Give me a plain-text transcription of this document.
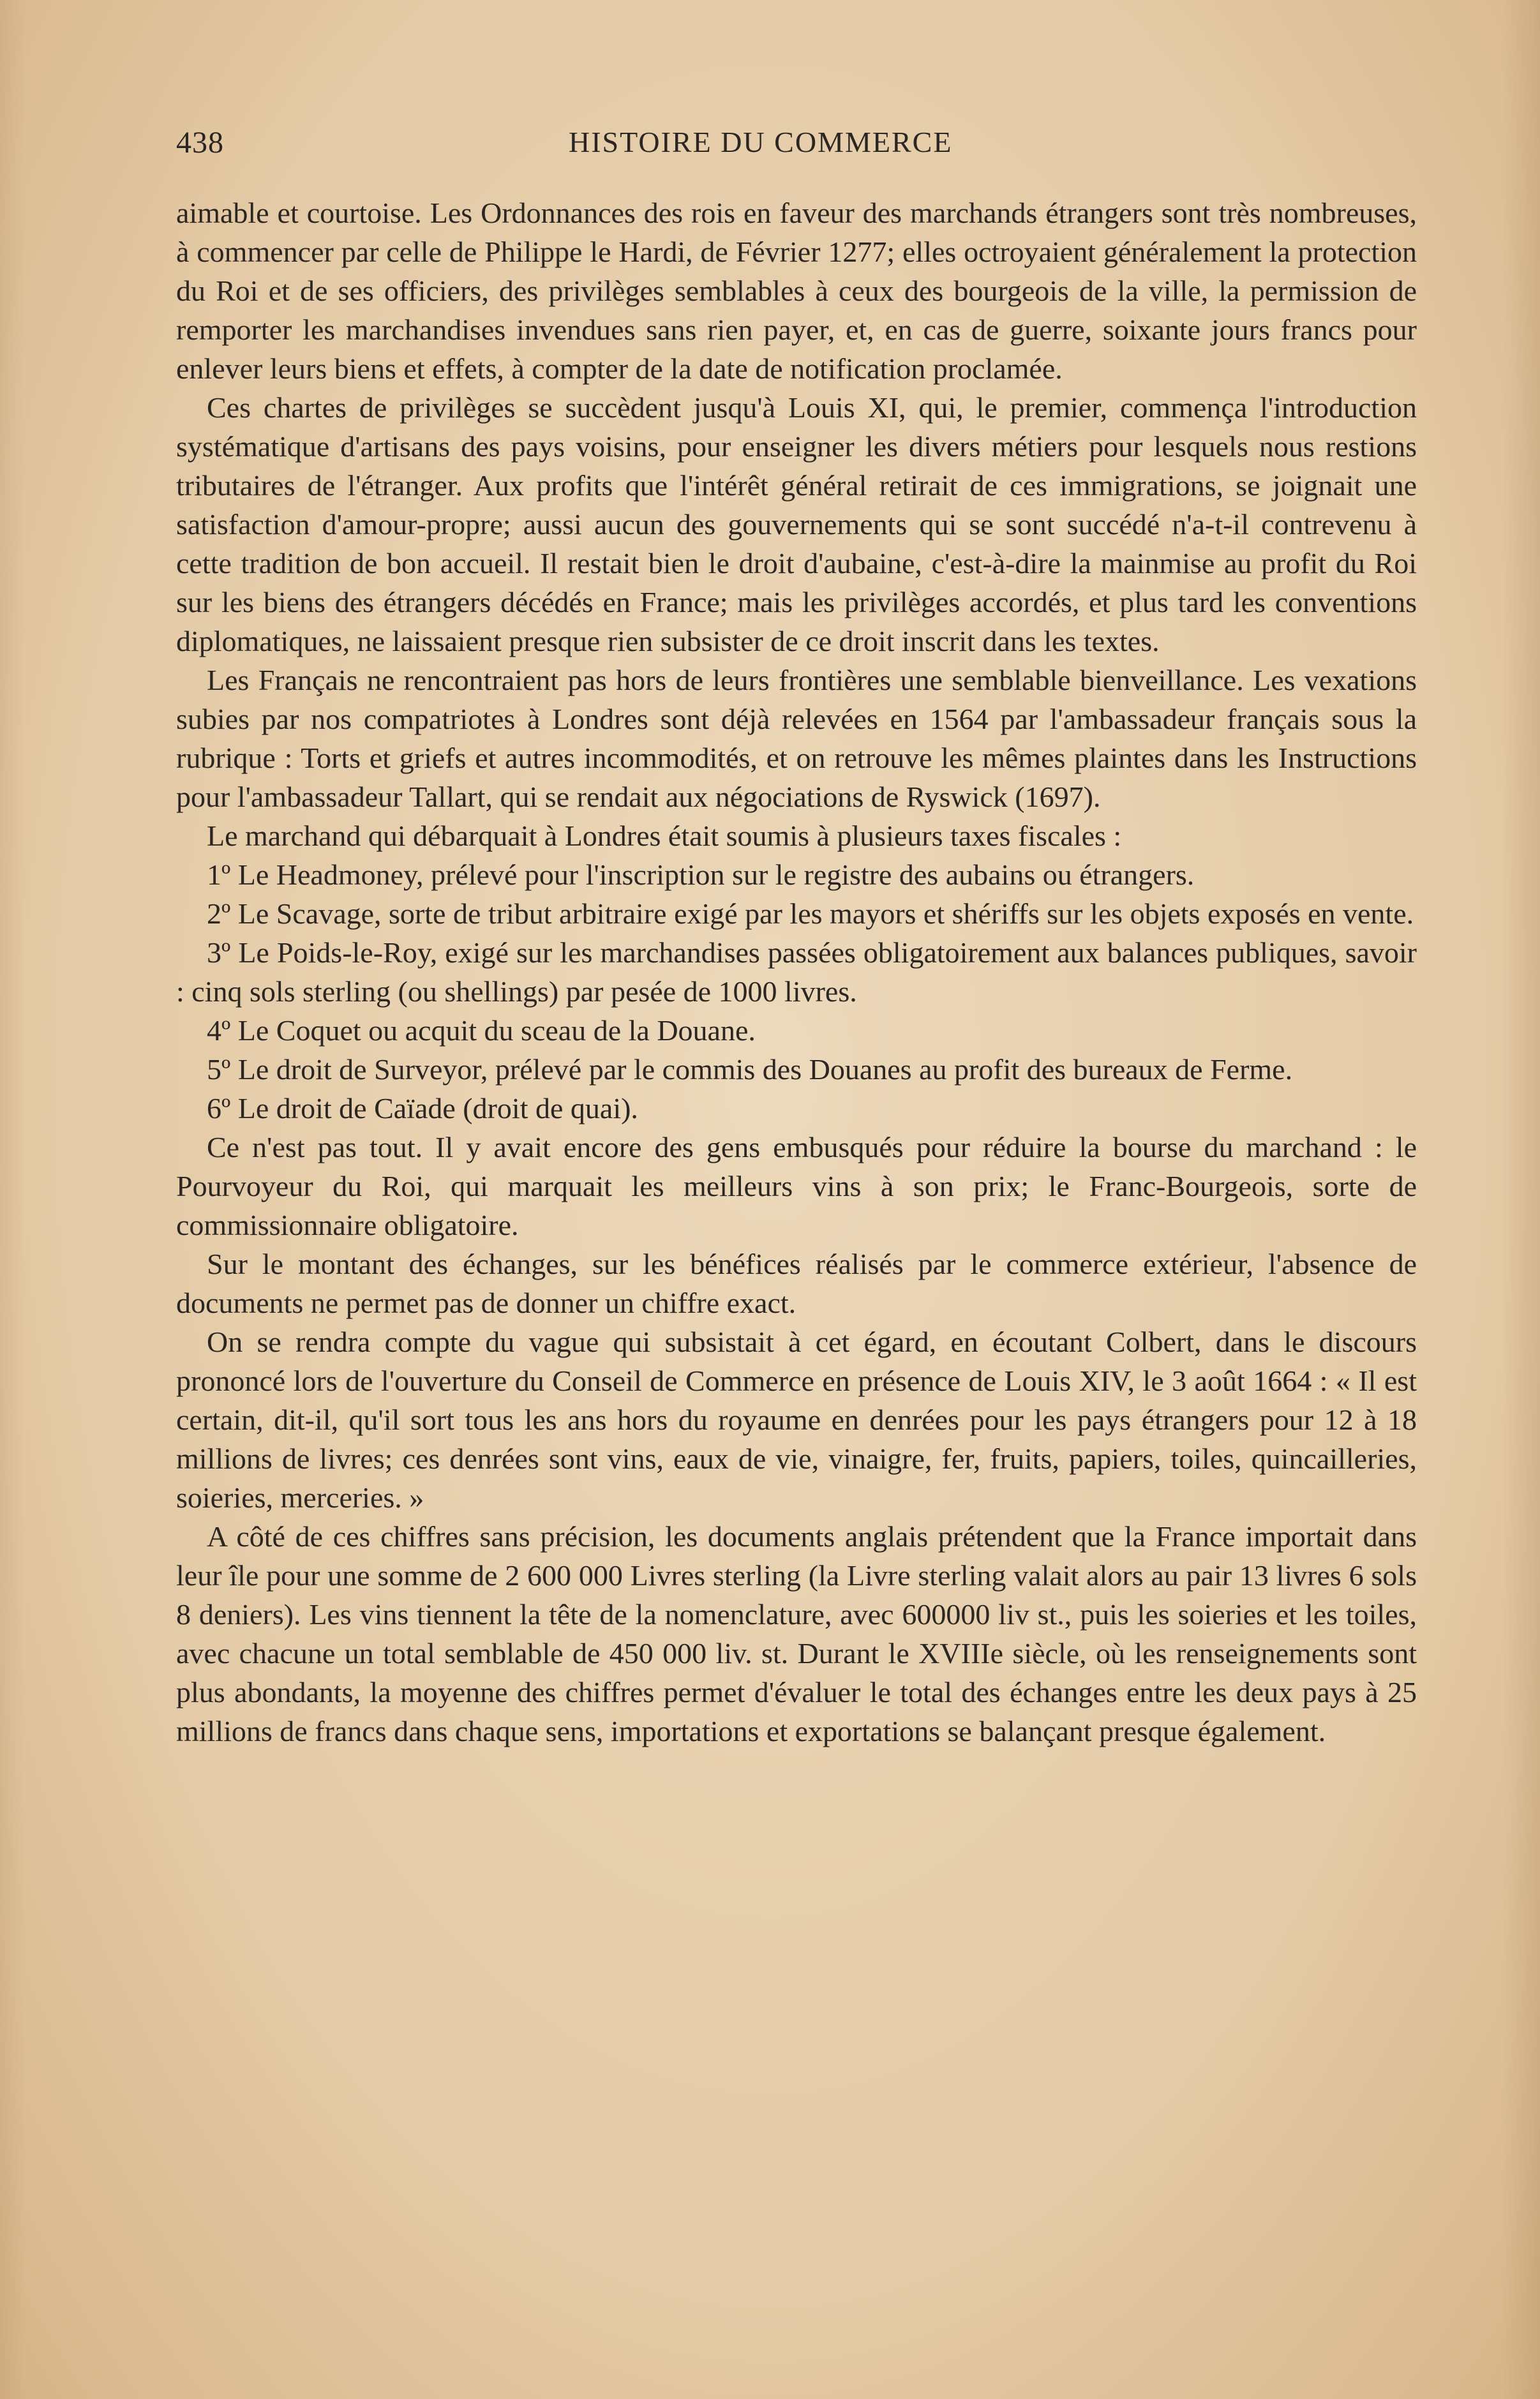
438	HISTOIRE DU COMMERCE

aimable et courtoise. Les Ordonnances des rois en faveur des marchands étrangers sont très nombreuses, à commencer par celle de Philippe le Hardi, de Février 1277; elles octroyaient généralement la protection du Roi et de ses officiers, des privilèges semblables à ceux des bourgeois de la ville, la permission de remporter les marchandises invendues sans rien payer, et, en cas de guerre, soixante jours francs pour enlever leurs biens et effets, à compter de la date de notification proclamée.

Ces chartes de privilèges se succèdent jusqu'à Louis XI, qui, le premier, commença l'introduction systématique d'artisans des pays voisins, pour enseigner les divers métiers pour lesquels nous restions tributaires de l'étranger. Aux profits que l'intérêt général retirait de ces immigrations, se joignait une satisfaction d'amour-propre; aussi aucun des gouvernements qui se sont succédé n'a-t-il contrevenu à cette tradition de bon accueil. Il restait bien le droit d'aubaine, c'est-à-dire la mainmise au profit du Roi sur les biens des étrangers décédés en France; mais les privilèges accordés, et plus tard les conventions diplomatiques, ne laissaient presque rien subsister de ce droit inscrit dans les textes.

Les Français ne rencontraient pas hors de leurs frontières une semblable bienveillance. Les vexations subies par nos compatriotes à Londres sont déjà relevées en 1564 par l'ambassadeur français sous la rubrique : Torts et griefs et autres incommodités, et on retrouve les mêmes plaintes dans les Instructions pour l'ambassadeur Tallart, qui se rendait aux négociations de Ryswick (1697).

Le marchand qui débarquait à Londres était soumis à plusieurs taxes fiscales :

1º Le Headmoney, prélevé pour l'inscription sur le registre des aubains ou étrangers.

2º Le Scavage, sorte de tribut arbitraire exigé par les mayors et shériffs sur les objets exposés en vente.

3º Le Poids-le-Roy, exigé sur les marchandises passées obligatoirement aux balances publiques, savoir : cinq sols sterling (ou shellings) par pesée de 1000 livres.

4º Le Coquet ou acquit du sceau de la Douane.

5º Le droit de Surveyor, prélevé par le commis des Douanes au profit des bureaux de Ferme.

6º Le droit de Caïade (droit de quai).

Ce n'est pas tout. Il y avait encore des gens embusqués pour réduire la bourse du marchand : le Pourvoyeur du Roi, qui marquait les meilleurs vins à son prix; le Franc-Bourgeois, sorte de commissionnaire obligatoire.

Sur le montant des échanges, sur les bénéfices réalisés par le commerce extérieur, l'absence de documents ne permet pas de donner un chiffre exact.

On se rendra compte du vague qui subsistait à cet égard, en écoutant Colbert, dans le discours prononcé lors de l'ouverture du Conseil de Commerce en présence de Louis XIV, le 3 août 1664 : « Il est certain, dit-il, qu'il sort tous les ans hors du royaume en denrées pour les pays étrangers pour 12 à 18 millions de livres; ces denrées sont vins, eaux de vie, vinaigre, fer, fruits, papiers, toiles, quincailleries, soieries, merceries. »

A côté de ces chiffres sans précision, les documents anglais prétendent que la France importait dans leur île pour une somme de 2 600 000 Livres sterling (la Livre sterling valait alors au pair 13 livres 6 sols 8 deniers). Les vins tiennent la tête de la nomenclature, avec 600000 liv st., puis les soieries et les toiles, avec chacune un total semblable de 450 000 liv. st. Durant le XVIIIe siècle, où les renseignements sont plus abondants, la moyenne des chiffres permet d'évaluer le total des échanges entre les deux pays à 25 millions de francs dans chaque sens, importations et exportations se balançant presque également.
